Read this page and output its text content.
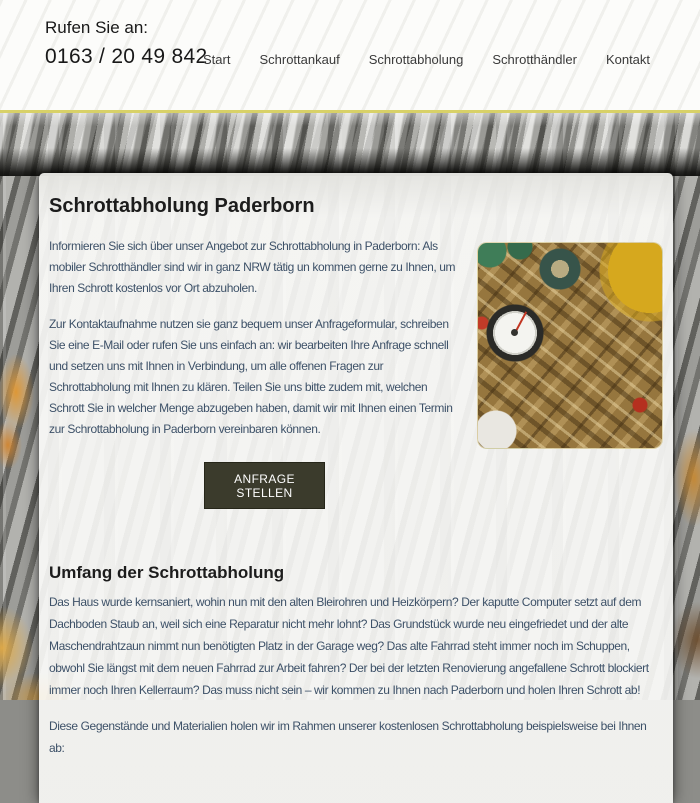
Rufen Sie an:
0163 / 20 49 842
Start Schrottankauf Schrottabholung Schrotthändler Kontakt
Schrottabholung Paderborn

Informieren Sie sich über unser Angebot zur Schrottabholung in Paderborn: Als mobiler Schrotthändler sind wir in ganz NRW tätig un kommen gerne zu Ihnen, um Ihren Schrott kostenlos vor Ort abzuholen.

Zur Kontaktaufnahme nutzen sie ganz bequem unser Anfrageformular, schreiben Sie eine E-Mail oder rufen Sie uns einfach an: wir bearbeiten Ihre Anfrage schnell und setzen uns mit Ihnen in Verbindung, um alle offenen Fragen zur Schrottabholung mit Ihnen zu klären. Teilen Sie uns bitte zudem mit, welchen Schrott Sie in welcher Menge abzugeben haben, damit wir mit Ihnen einen Termin zur Schrottabholung in Paderborn vereinbaren können.

ANFRAGE STELLEN
Umfang der Schrottabholung

Das Haus wurde kernsaniert, wohin nun mit den alten Bleirohren und Heizkörpern? Der kaputte Computer setzt auf dem Dachboden Staub an, weil sich eine Reparatur nicht mehr lohnt? Das Grundstück wurde neu eingefriedet und der alte Maschendrahtzaun nimmt nun benötigten Platz in der Garage weg? Das alte Fahrrad steht immer noch im Schuppen, obwohl Sie längst mit dem neuen Fahrrad zur Arbeit fahren? Der bei der letzten Renovierung angefallene Schrott blockiert immer noch Ihren Kellerraum? Das muss nicht sein – wir kommen zu Ihnen nach Paderborn und holen Ihren Schrott ab!

Diese Gegenstände und Materialien holen wir im Rahmen unserer kostenlosen Schrottabholung beispielsweise bei Ihnen ab:
